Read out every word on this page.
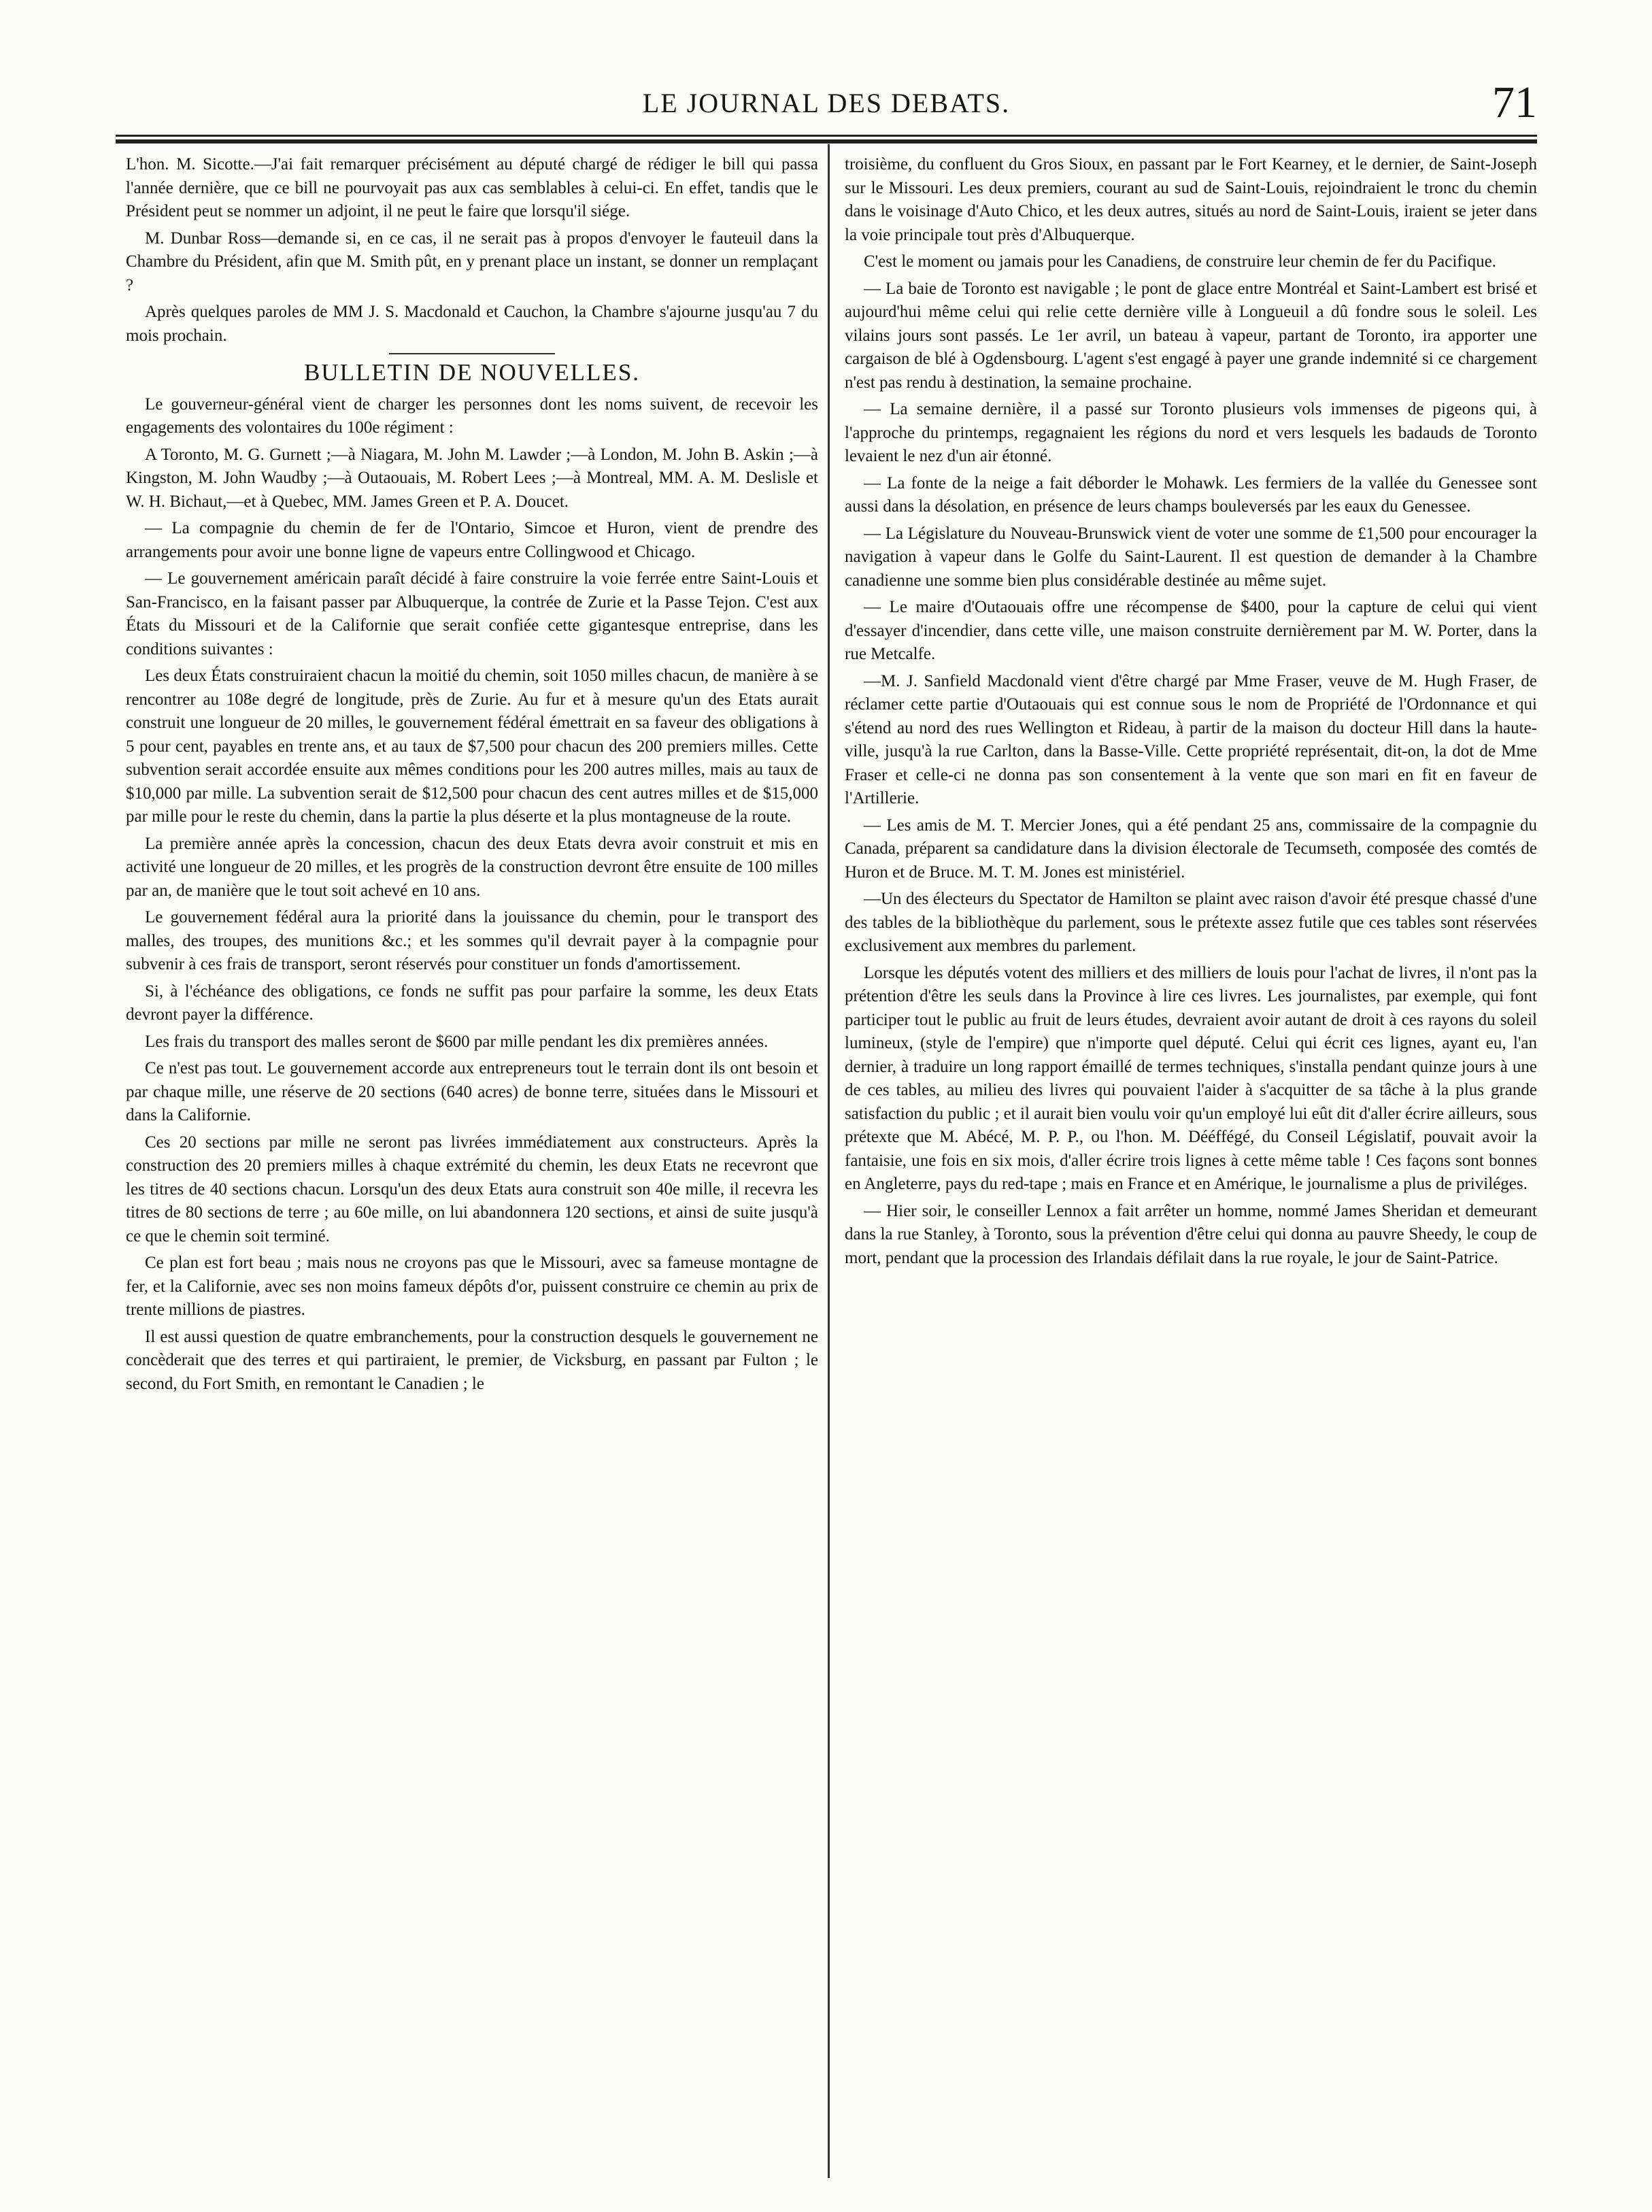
LE JOURNAL DES DEBATS.	71

L'hon. M. Sicotte.—J'ai fait remarquer précisément au député chargé de rédiger le bill qui passa l'année dernière, que ce bill ne pourvoyait pas aux cas semblables à celui-ci. En effet, tandis que le Président peut se nommer un adjoint, il ne peut le faire que lorsqu'il siége.

M. Dunbar Ross—demande si, en ce cas, il ne serait pas à propos d'envoyer le fauteuil dans la Chambre du Président, afin que M. Smith pût, en y prenant place un instant, se donner un remplaçant ?

Après quelques paroles de MM J. S. Macdonald et Cauchon, la Chambre s'ajourne jusqu'au 7 du mois prochain.

BULLETIN DE NOUVELLES.

Le gouverneur-général vient de charger les personnes dont les noms suivent, de recevoir les engagements des volontaires du 100e régiment :

A Toronto, M. G. Gurnett ;—à Niagara, M. John M. Lawder ;—à London, M. John B. Askin ;—à Kingston, M. John Waudby ;—à Outaouais, M. Robert Lees ;—à Montreal, MM. A. M. Deslisle et W. H. Bichaut,—et à Quebec, MM. James Green et P. A. Doucet.

— La compagnie du chemin de fer de l'Ontario, Simcoe et Huron, vient de prendre des arrangements pour avoir une bonne ligne de vapeurs entre Collingwood et Chicago.

— Le gouvernement américain paraît décidé à faire construire la voie ferrée entre Saint-Louis et San-Francisco, en la faisant passer par Albuquerque, la contrée de Zurie et la Passe Tejon. C'est aux États du Missouri et de la Californie que serait confiée cette gigantesque entreprise, dans les conditions suivantes :

Les deux États construiraient chacun la moitié du chemin, soit 1050 milles chacun, de manière à se rencontrer au 108e degré de longitude, près de Zurie. Au fur et à mesure qu'un des Etats aurait construit une longueur de 20 milles, le gouvernement fédéral émettrait en sa faveur des obligations à 5 pour cent, payables en trente ans, et au taux de $7,500 pour chacun des 200 premiers milles. Cette subvention serait accordée ensuite aux mêmes conditions pour les 200 autres milles, mais au taux de $10,000 par mille. La subvention serait de $12,500 pour chacun des cent autres milles et de $15,000 par mille pour le reste du chemin, dans la partie la plus déserte et la plus montagneuse de la route.

La première année après la concession, chacun des deux Etats devra avoir construit et mis en activité une longueur de 20 milles, et les progrès de la construction devront être ensuite de 100 milles par an, de manière que le tout soit achevé en 10 ans.

Le gouvernement fédéral aura la priorité dans la jouissance du chemin, pour le transport des malles, des troupes, des munitions &c.; et les sommes qu'il devrait payer à la compagnie pour subvenir à ces frais de transport, seront réservés pour constituer un fonds d'amortissement.

Si, à l'échéance des obligations, ce fonds ne suffit pas pour parfaire la somme, les deux Etats devront payer la différence.

Les frais du transport des malles seront de $600 par mille pendant les dix premières années.

Ce n'est pas tout. Le gouvernement accorde aux entrepreneurs tout le terrain dont ils ont besoin et par chaque mille, une réserve de 20 sections (640 acres) de bonne terre, situées dans le Missouri et dans la Californie.

Ces 20 sections par mille ne seront pas livrées immédiatement aux constructeurs. Après la construction des 20 premiers milles à chaque extrémité du chemin, les deux Etats ne recevront que les titres de 40 sections chacun. Lorsqu'un des deux Etats aura construit son 40e mille, il recevra les titres de 80 sections de terre ; au 60e mille, on lui abandonnera 120 sections, et ainsi de suite jusqu'à ce que le chemin soit terminé.

Ce plan est fort beau ; mais nous ne croyons pas que le Missouri, avec sa fameuse montagne de fer, et la Californie, avec ses non moins fameux dépôts d'or, puissent construire ce chemin au prix de trente millions de piastres.

Il est aussi question de quatre embranchements, pour la construction desquels le gouvernement ne concèderait que des terres et qui partiraient, le premier, de Vicksburg, en passant par Fulton ; le second, du Fort Smith, en remontant le Canadien ; le

troisième, du confluent du Gros Sioux, en passant par le Fort Kearney, et le dernier, de Saint-Joseph sur le Missouri. Les deux premiers, courant au sud de Saint-Louis, rejoindraient le tronc du chemin dans le voisinage d'Auto Chico, et les deux autres, situés au nord de Saint-Louis, iraient se jeter dans la voie principale tout près d'Albuquerque.

C'est le moment ou jamais pour les Canadiens, de construire leur chemin de fer du Pacifique.

— La baie de Toronto est navigable ; le pont de glace entre Montréal et Saint-Lambert est brisé et aujourd'hui même celui qui relie cette dernière ville à Longueuil a dû fondre sous le soleil. Les vilains jours sont passés. Le 1er avril, un bateau à vapeur, partant de Toronto, ira apporter une cargaison de blé à Ogdensbourg. L'agent s'est engagé à payer une grande indemnité si ce chargement n'est pas rendu à destination, la semaine prochaine.

— La semaine dernière, il a passé sur Toronto plusieurs vols immenses de pigeons qui, à l'approche du printemps, regagnaient les régions du nord et vers lesquels les badauds de Toronto levaient le nez d'un air étonné.

— La fonte de la neige a fait déborder le Mohawk. Les fermiers de la vallée du Genessee sont aussi dans la désolation, en présence de leurs champs bouleversés par les eaux du Genessee.

— La Législature du Nouveau-Brunswick vient de voter une somme de £1,500 pour encourager la navigation à vapeur dans le Golfe du Saint-Laurent. Il est question de demander à la Chambre canadienne une somme bien plus considérable destinée au même sujet.

— Le maire d'Outaouais offre une récompense de $400, pour la capture de celui qui vient d'essayer d'incendier, dans cette ville, une maison construite dernièrement par M. W. Porter, dans la rue Metcalfe.

—M. J. Sanfield Macdonald vient d'être chargé par Mme Fraser, veuve de M. Hugh Fraser, de réclamer cette partie d'Outaouais qui est connue sous le nom de Propriété de l'Ordonnance et qui s'étend au nord des rues Wellington et Rideau, à partir de la maison du docteur Hill dans la haute-ville, jusqu'à la rue Carlton, dans la Basse-Ville. Cette propriété représentait, dit-on, la dot de Mme Fraser et celle-ci ne donna pas son consentement à la vente que son mari en fit en faveur de l'Artillerie.

— Les amis de M. T. Mercier Jones, qui a été pendant 25 ans, commissaire de la compagnie du Canada, préparent sa candidature dans la division électorale de Tecumseth, composée des comtés de Huron et de Bruce. M. T. M. Jones est ministériel.

—Un des électeurs du Spectator de Hamilton se plaint avec raison d'avoir été presque chassé d'une des tables de la bibliothèque du parlement, sous le prétexte assez futile que ces tables sont réservées exclusivement aux membres du parlement.

Lorsque les députés votent des milliers et des milliers de louis pour l'achat de livres, il n'ont pas la prétention d'être les seuls dans la Province à lire ces livres. Les journalistes, par exemple, qui font participer tout le public au fruit de leurs études, devraient avoir autant de droit à ces rayons du soleil lumineux, (style de l'empire) que n'importe quel député. Celui qui écrit ces lignes, ayant eu, l'an dernier, à traduire un long rapport émaillé de termes techniques, s'installa pendant quinze jours à une de ces tables, au milieu des livres qui pouvaient l'aider à s'acquitter de sa tâche à la plus grande satisfaction du public ; et il aurait bien voulu voir qu'un employé lui eût dit d'aller écrire ailleurs, sous prétexte que M. Abécé, M. P. P., ou l'hon. M. Dééffégé, du Conseil Législatif, pouvait avoir la fantaisie, une fois en six mois, d'aller écrire trois lignes à cette même table ! Ces façons sont bonnes en Angleterre, pays du red-tape ; mais en France et en Amérique, le journalisme a plus de priviléges.

— Hier soir, le conseiller Lennox a fait arrêter un homme, nommé James Sheridan et demeurant dans la rue Stanley, à Toronto, sous la prévention d'être celui qui donna au pauvre Sheedy, le coup de mort, pendant que la procession des Irlandais défilait dans la rue royale, le jour de Saint-Patrice.
